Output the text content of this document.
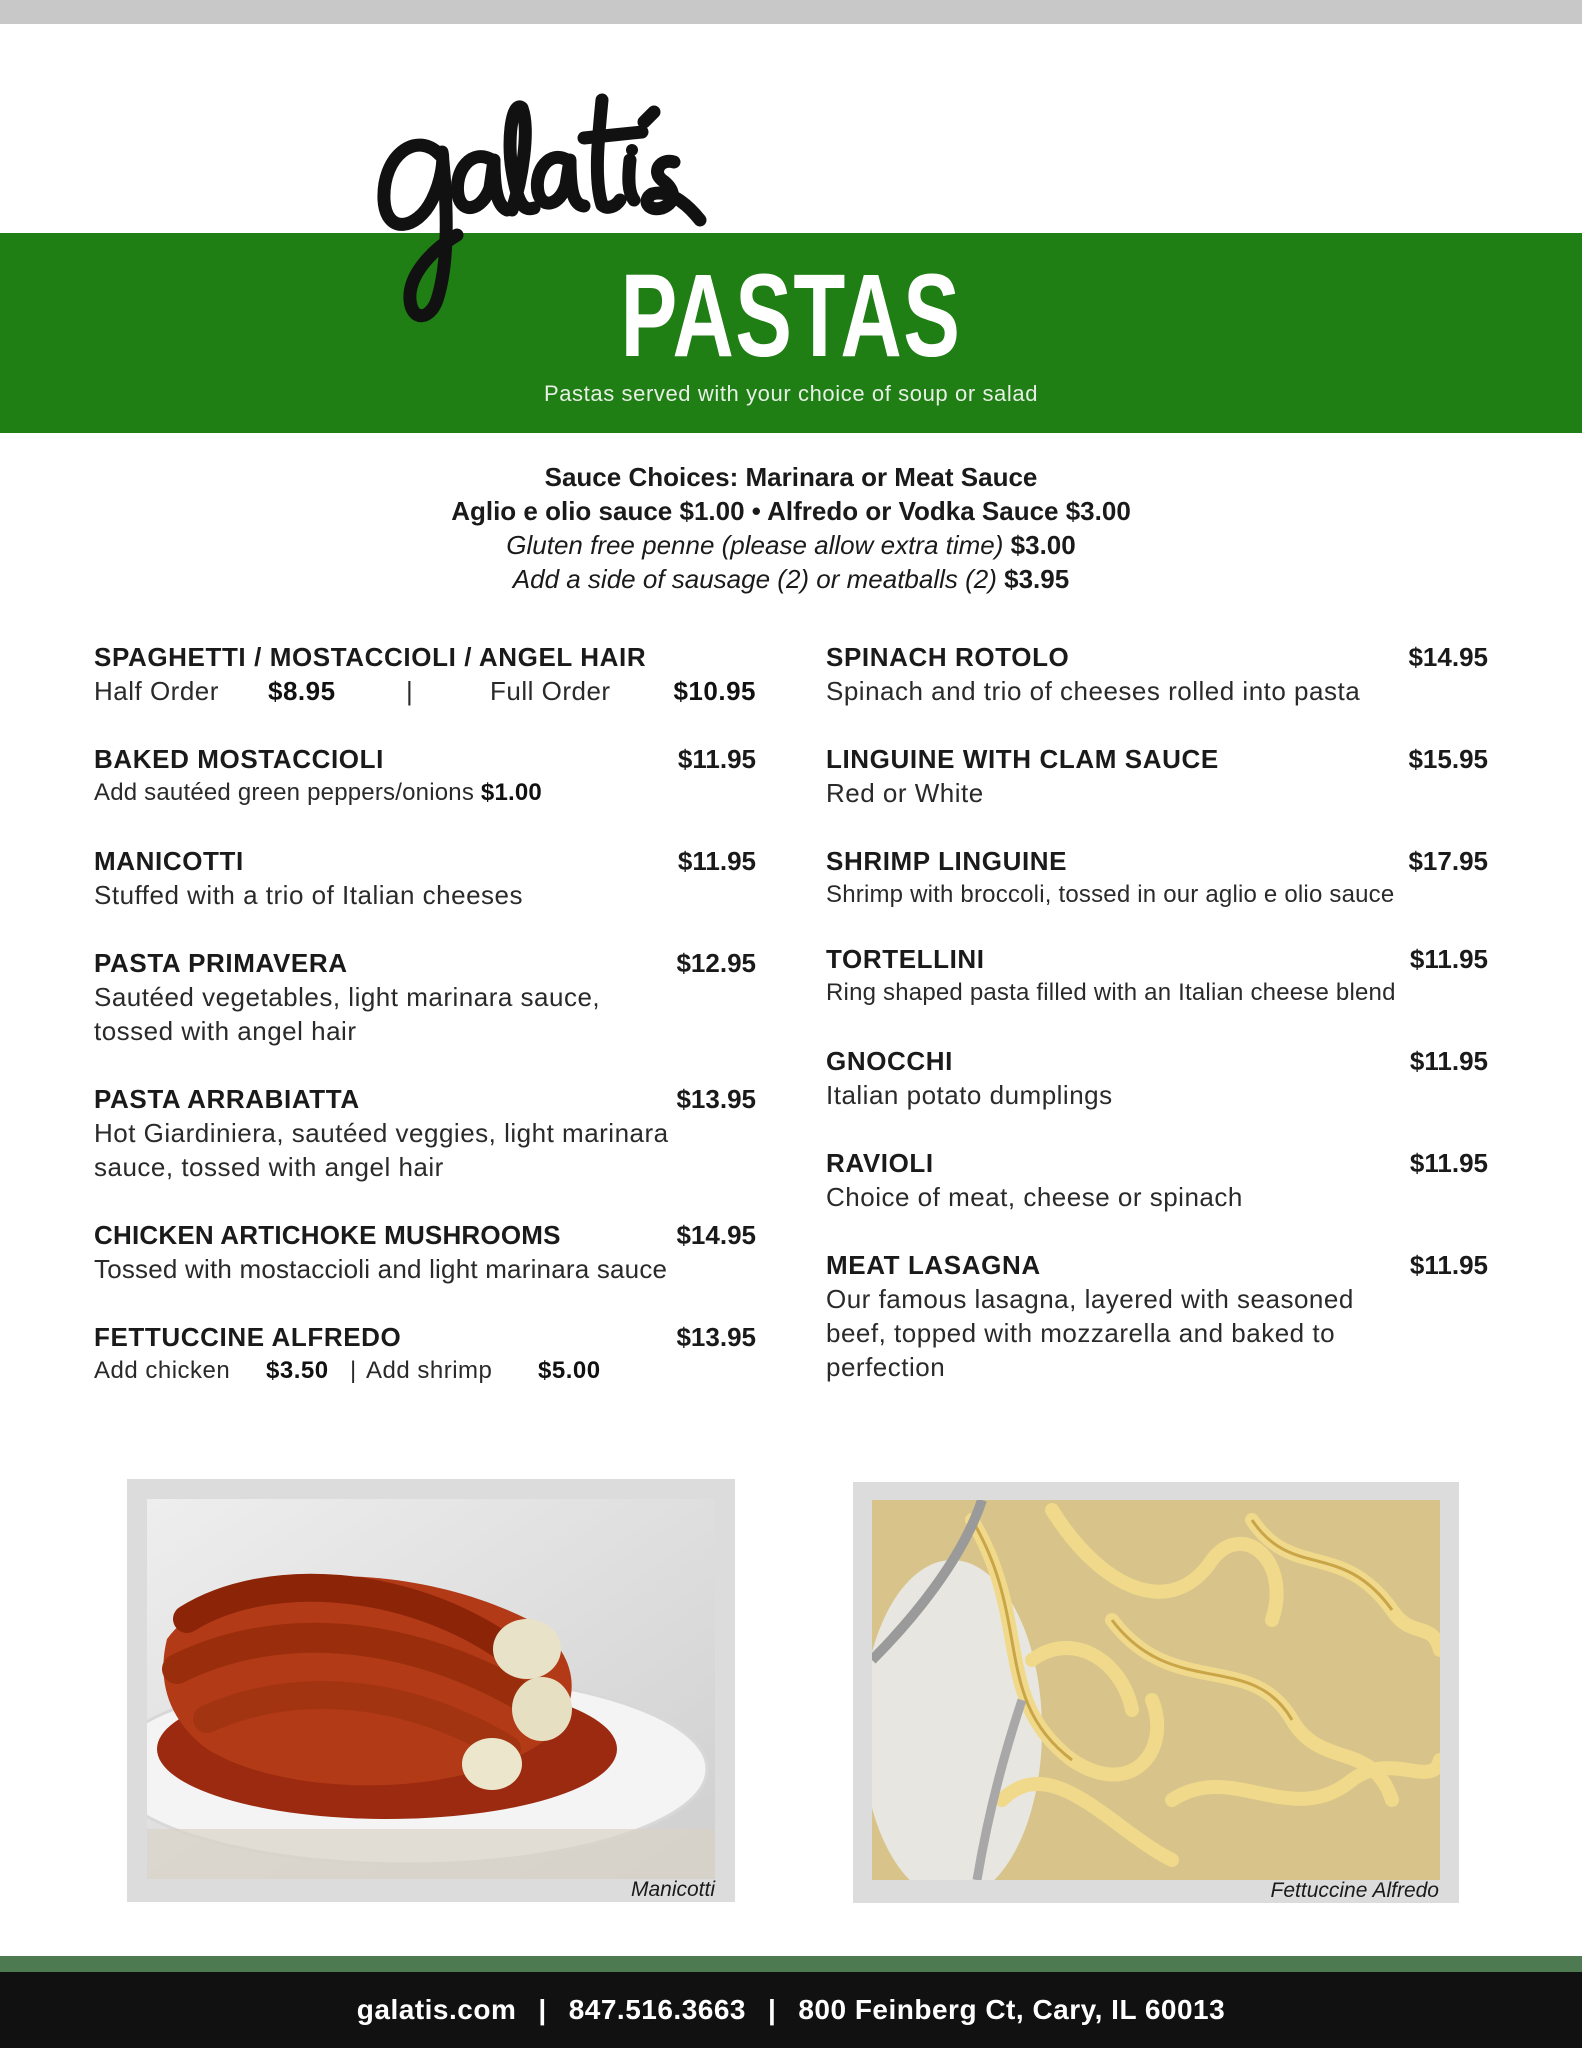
PASTAS
Pastas served with your choice of soup or salad
Sauce Choices: Marinara or Meat Sauce
Aglio e olio sauce $1.00 • Alfredo or Vodka Sauce $3.00
Gluten free penne (please allow extra time) $3.00
Add a side of sausage (2) or meatballs (2) $3.95
SPAGHETTI / MOSTACCIOLI / ANGEL HAIR
Half Order $8.95	|	Full Order $10.95
BAKED MOSTACCIOLI	$11.95
Add sautéed green peppers/onions $1.00
MANICOTTI	$11.95
Stuffed with a trio of Italian cheeses
PASTA PRIMAVERA	$12.95
Sautéed vegetables, light marinara sauce,
tossed with angel hair
PASTA ARRABIATTA	$13.95
Hot Giardiniera, sautéed veggies, light marinara
sauce, tossed with angel hair
CHICKEN ARTICHOKE MUSHROOMS	$14.95
Tossed with mostaccioli and light marinara sauce
FETTUCCINE ALFREDO	$13.95
Add chicken $3.50 | Add shrimp $5.00
SPINACH ROTOLO	$14.95
Spinach and trio of cheeses rolled into pasta
LINGUINE WITH CLAM SAUCE	$15.95
Red or White
SHRIMP LINGUINE	$17.95
Shrimp with broccoli, tossed in our aglio e olio sauce
TORTELLINI	$11.95
Ring shaped pasta filled with an Italian cheese blend
GNOCCHI	$11.95
Italian potato dumplings
RAVIOLI	$11.95
Choice of meat, cheese or spinach
MEAT LASAGNA	$11.95
Our famous lasagna, layered with seasoned
beef, topped with mozzarella and baked to
perfection
Manicotti	Fettuccine Alfredo
galatis.com | 847.516.3663 | 800 Feinberg Ct, Cary, IL 60013
